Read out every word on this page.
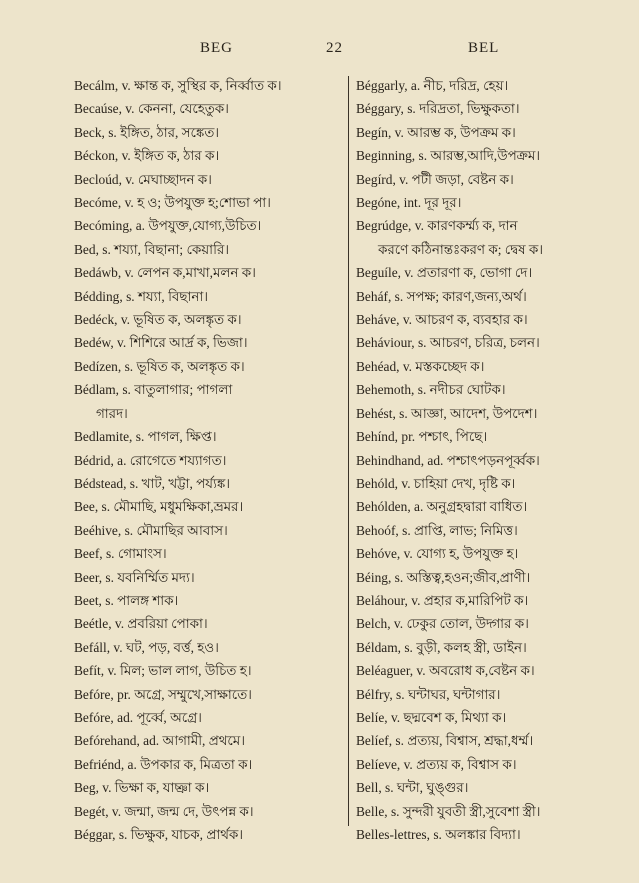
BEG	22	BEL
Becálm, v. ক্ষান্ত ক, সুস্থির ক, নির্ব্বাত ক।
Becaúse, v. কেননা, যেহেতুক।
Beck, s. ইঙ্গিত, ঠার, সঙ্কেত।
Béckon, v. ইঙ্গিত ক, ঠার ক।
Becloúd, v. মেঘাচ্ছাদন ক।
Becóme, v. হ ও; উপযুক্ত হ;শোভা পা।
Becóming, a. উপযুক্ত,যোগ্য,উচিত।
Bed, s. শয্যা, বিছানা; কেয়ারি।
Bedáwb, v. লেপন ক,মাখা,মলন ক।
Bédding, s. শয্যা, বিছানা।
Bedéck, v. ভূষিত ক, অলঙ্কৃত ক।
Bedéw, v. শিশিরে আর্দ্র ক, ভিজা।
Bedízen, s. ভূষিত ক, অলঙ্কৃত ক।
Bédlam, s. বাতুলাগার; পাগলা
গারদ।
Bedlamite, s. পাগল, ক্ষিপ্ত।
Bédrid, a. রোগেতে শয্যাগত।
Bédstead, s. খাট, খট্টা, পর্য্যঙ্ক।
Bee, s. মৌমাছি, মধুমক্ষিকা,ভ্রমর।
Beéhive, s. মৌমাছির আবাস।
Beef, s. গোমাংস।
Beer, s. যবনির্ম্মিত মদ্য।
Beet, s. পালঙ্গ শাক।
Beétle, v. প্রবরিয়া পোকা।
Befáll, v. ঘট, পড়, বর্ত্ত, হও।
Befít, v. মিল; ভাল লাগ, উচিত হ।
Befóre, pr. অগ্রে, সম্মুখে,সাক্ষাতে।
Befóre, ad. পূর্ব্বে, অগ্রে।
Befórehand, ad. আগামী, প্রথমে।
Befriénd, a. উপকার ক, মিত্রতা ক।
Beg, v. ভিক্ষা ক, যাচ্ঞা ক।
Begét, v. জন্মা, জন্ম দে, উৎপন্ন ক।
Béggar, s. ভিক্ষুক, যাচক, প্রার্থক।
Béggarly, a. নীচ, দরিদ্র, হেয়।
Béggary, s. দরিদ্রতা, ভিক্ষুকতা।
Begín, v. আরম্ভ ক, উপক্রম ক।
Beginning, s. আরম্ভ,আদি,উপক্রম।
Begírd, v. পটী জড়া, বেষ্টন ক।
Begóne, int. দূর দূর।
Begrúdge, v. কারণকর্ম্ম্য ক, দান
করণে কঠিনান্তঃকরণ ক; দ্বেষ ক।
Beguíle, v. প্রতারণা ক, ভোগা দে।
Beháf, s. সপক্ষ; কারণ,জন্য,অর্থ।
Beháve, v. আচরণ ক, ব্যবহার ক।
Beháviour, s. আচরণ, চরিত্র, চলন।
Behéad, v. মস্তকচ্ছেদ ক।
Behemoth, s. নদীচর ঘোটক।
Behést, s. আজ্ঞা, আদেশ, উপদেশ।
Behínd, pr. পশ্চাৎ, পিছে।
Behindhand, ad. পশ্চাৎপড়নপূর্ব্বক।
Behóld, v. চাহিয়া দেখ, দৃষ্টি ক।
Behólden, a. অনুগ্রহদ্বারা বাধিত।
Behoóf, s. প্রাপ্তি, লাভ; নিমিত্ত।
Behóve, v. যোগ্য হ, উপযুক্ত হ।
Béing, s. অস্তিত্ব,হওন;জীব,প্রাণী।
Beláhour, v. প্রহার ক,মারিপিট ক।
Belch, v. ঢেকুর তোল, উদ্গার ক।
Béldam, s. বুড়ী, কলহ স্ত্রী, ডাইন।
Beléaguer, v. অবরোধ ক,বেষ্টন ক।
Bélfry, s. ঘন্টাঘর, ঘন্টাগার।
Belíe, v. ছদ্মবেশ ক, মিথ্যা ক।
Belíef, s. প্রত্যয়, বিশ্বাস, শ্রদ্ধা,ধর্ম্ম।
Belíeve, v. প্রত্যয় ক, বিশ্বাস ক।
Bell, s. ঘন্টা, ঘুঙ্গুর।
Belle, s. সুন্দরী যুবতী স্ত্রী,সুবেশা স্ত্রী।
Belles-lettres, s. অলঙ্কার বিদ্যা।
